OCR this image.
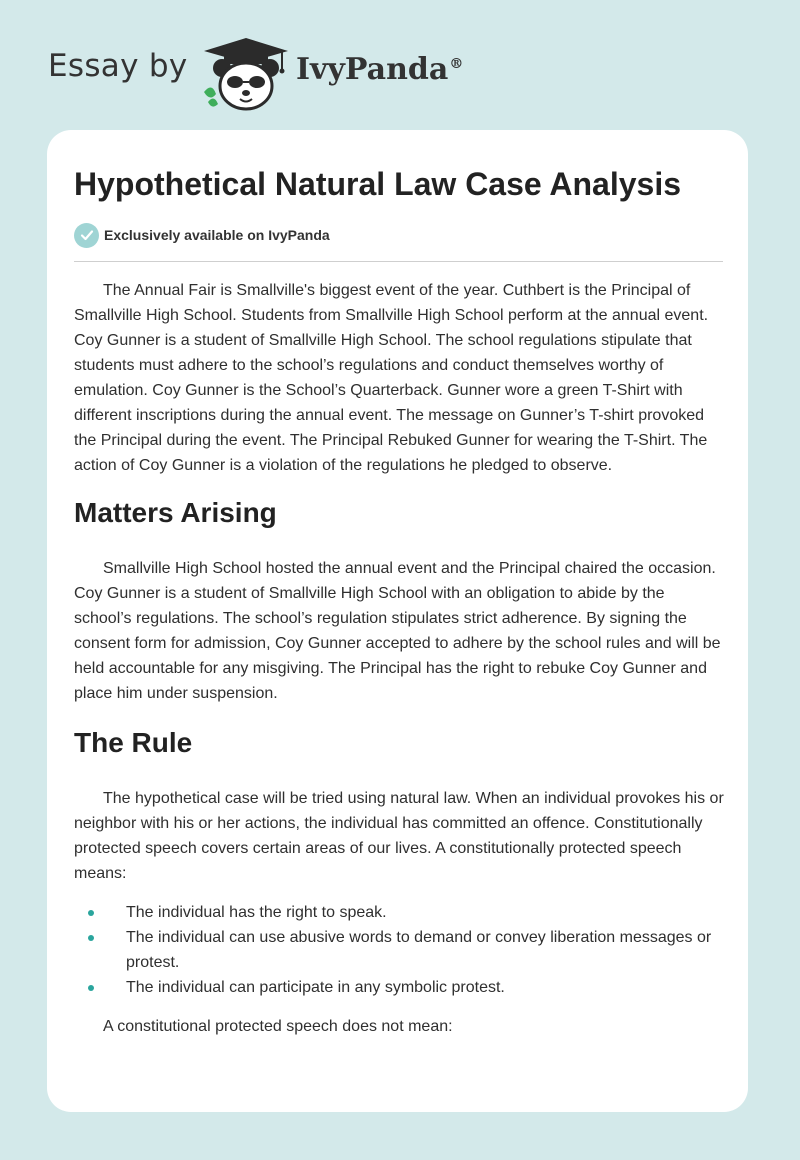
Essay by	IvyPanda®
Hypothetical Natural Law Case Analysis
Exclusively available on IvyPanda

The Annual Fair is Smallville's biggest event of the year. Cuthbert is the Principal of Smallville High School. Students from Smallville High School perform at the annual event. Coy Gunner is a student of Smallville High School. The school regulations stipulate that students must adhere to the school’s regulations and conduct themselves worthy of emulation. Coy Gunner is the School’s Quarterback. Gunner wore a green T-Shirt with different inscriptions during the annual event. The message on Gunner’s T-shirt provoked the Principal during the event. The Principal Rebuked Gunner for wearing the T-Shirt. The action of Coy Gunner is a violation of the regulations he pledged to observe.

Matters Arising

Smallville High School hosted the annual event and the Principal chaired the occasion. Coy Gunner is a student of Smallville High School with an obligation to abide by the school’s regulations. The school’s regulation stipulates strict adherence. By signing the consent form for admission, Coy Gunner accepted to adhere by the school rules and will be held accountable for any misgiving. The Principal has the right to rebuke Coy Gunner and place him under suspension.

The Rule

The hypothetical case will be tried using natural law. When an individual provokes his or neighbor with his or her actions, the individual has committed an offence. Constitutionally protected speech covers certain areas of our lives. A constitutionally protected speech means:

The individual has the right to speak.
The individual can use abusive words to demand or convey liberation messages or protest.
The individual can participate in any symbolic protest.

A constitutional protected speech does not mean:
